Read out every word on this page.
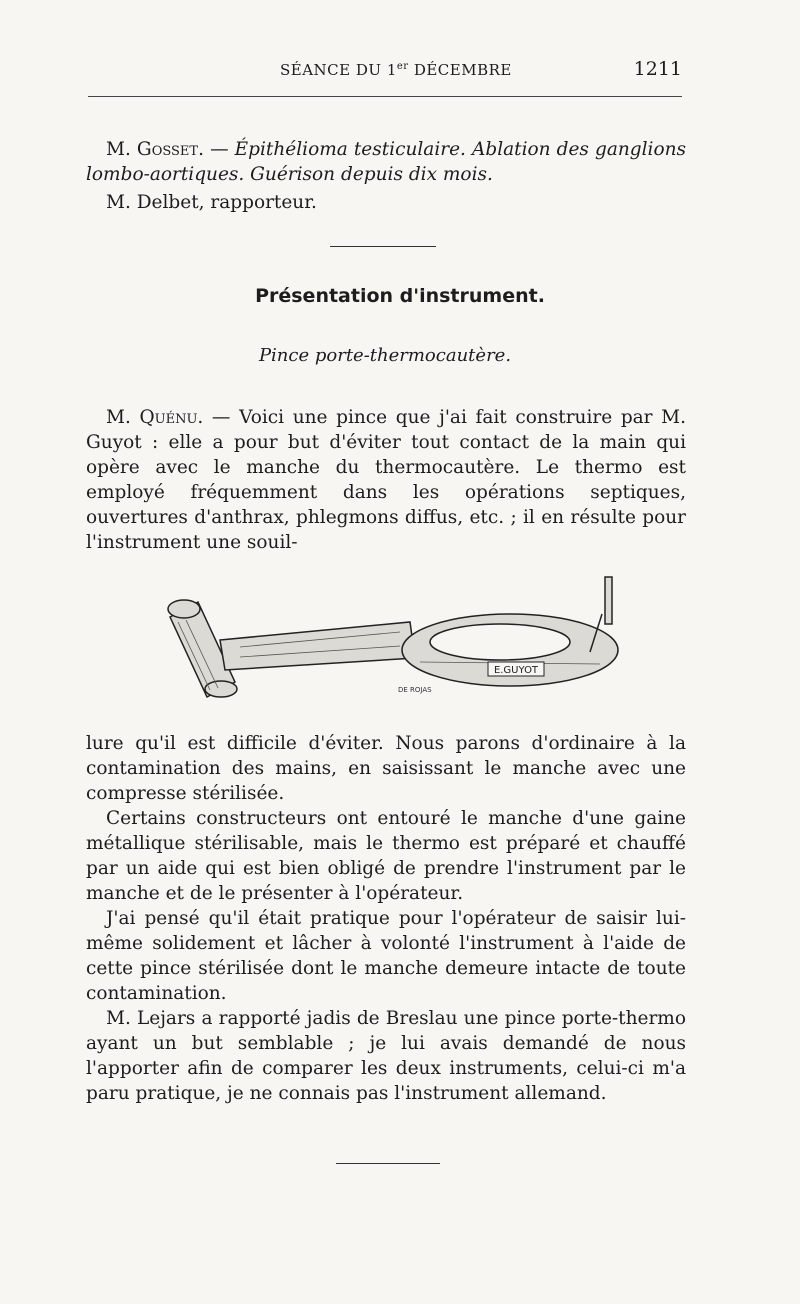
SÉANCE DU 1er DÉCEMBRE	1211

M. Gosset. — Épithélioma testiculaire. Ablation des ganglions lombo-aortiques. Guérison depuis dix mois.

M. Delbet, rapporteur.

Présentation d'instrument.
Pince porte-thermocautère.

M. Quénu. — Voici une pince que j'ai fait construire par M. Guyot : elle a pour but d'éviter tout contact de la main qui opère avec le manche du thermocautère. Le thermo est employé fréquemment dans les opérations septiques, ouvertures d'anthrax, phlegmons diffus, etc. ; il en résulte pour l'instrument une souil-

E.GUYOT
DE ROJAS

lure qu'il est difficile d'éviter. Nous parons d'ordinaire à la contamination des mains, en saisissant le manche avec une compresse stérilisée.

Certains constructeurs ont entouré le manche d'une gaine métallique stérilisable, mais le thermo est préparé et chauffé par un aide qui est bien obligé de prendre l'instrument par le manche et de le présenter à l'opérateur.

J'ai pensé qu'il était pratique pour l'opérateur de saisir lui-même solidement et lâcher à volonté l'instrument à l'aide de cette pince stérilisée dont le manche demeure intacte de toute contamination.

M. Lejars a rapporté jadis de Breslau une pince porte-thermo ayant un but semblable ; je lui avais demandé de nous l'apporter afin de comparer les deux instruments, celui-ci m'a paru pratique, je ne connais pas l'instrument allemand.
